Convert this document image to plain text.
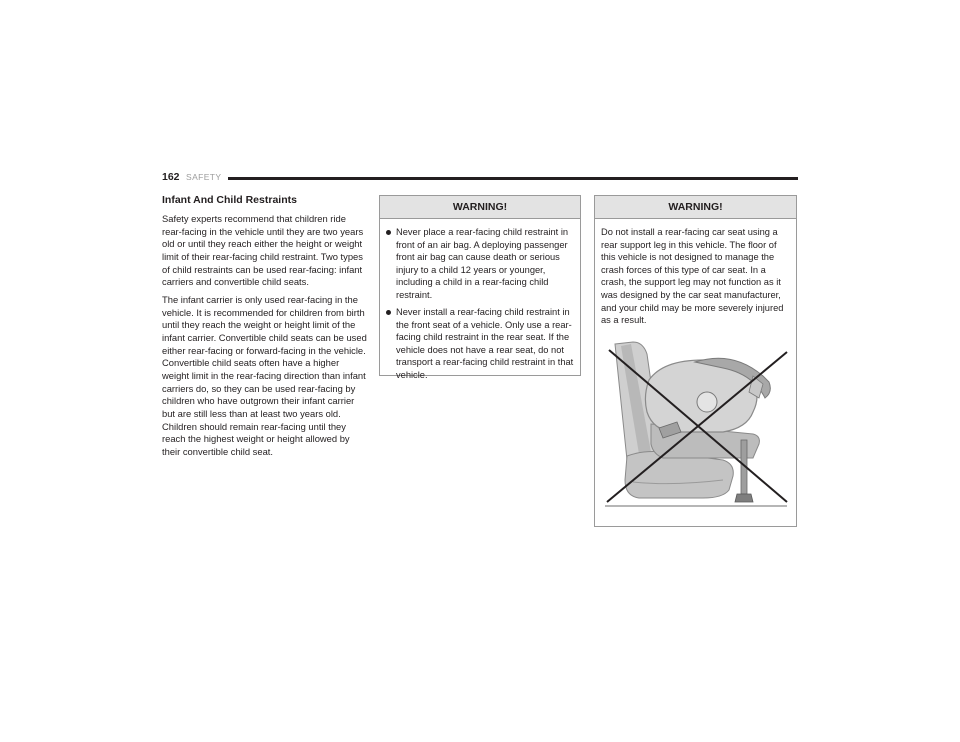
162 SAFETY
Infant And Child Restraints

Safety experts recommend that children ride rear-facing in the vehicle until they are two years old or until they reach either the height or weight limit of their rear-facing child restraint. Two types of child restraints can be used rear-facing: infant carriers and convertible child seats.

The infant carrier is only used rear-facing in the vehicle. It is recommended for children from birth until they reach the weight or height limit of the infant carrier. Convertible child seats can be used either rear-facing or forward-facing in the vehicle. Convertible child seats often have a higher weight limit in the rear-facing direction than infant carriers do, so they can be used rear-facing by children who have outgrown their infant carrier but are still less than at least two years old. Children should remain rear-facing until they reach the highest weight or height allowed by their convertible child seat.

WARNING!
Never place a rear-facing child restraint in front of an air bag. A deploying passenger front air bag can cause death or serious injury to a child 12 years or younger, including a child in a rear-facing child restraint.
Never install a rear-facing child restraint in the front seat of a vehicle. Only use a rear-facing child restraint in the rear seat. If the vehicle does not have a rear seat, do not transport a rear-facing child restraint in that vehicle.
WARNING!

Do not install a rear-facing car seat using a rear support leg in this vehicle. The floor of this vehicle is not designed to manage the crash forces of this type of car seat. In a crash, the support leg may not function as it was designed by the car seat manufacturer, and your child may be more severely injured as a result.
